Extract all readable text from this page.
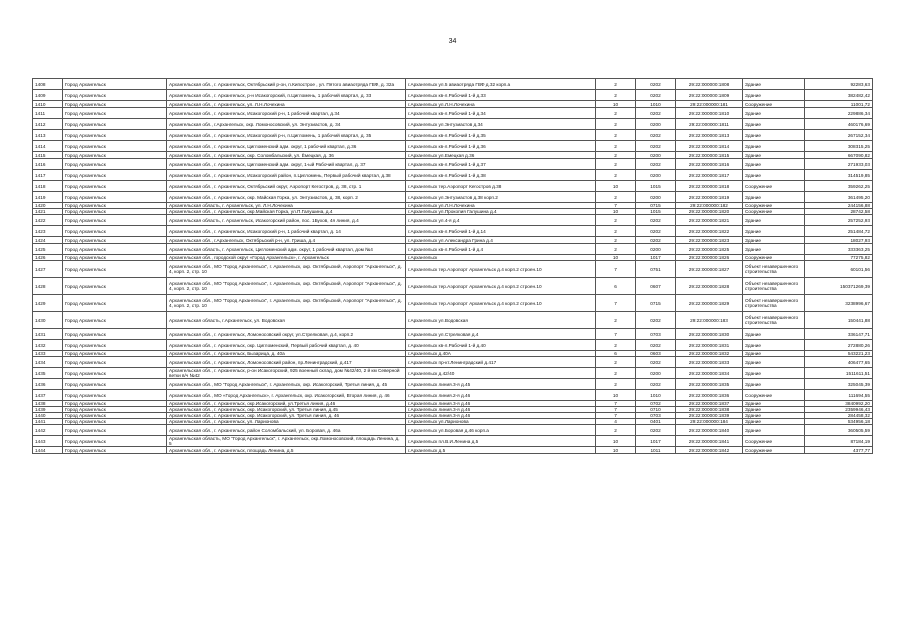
34
1408	Город Архангельск	Архангельская обл., г. Архангельск, Октябрьский р-он, п.Кипострое , ул. Пятого авиаотряда ГВФ, д. 32а	г.Архангельск ул.5 авиаотряда ГВФ д.32 корп.а	2	0202	29:22:000000:1808	Здание	92283,63
1409	Город Архангельск	Архангельская обл., г. Архангельск, р-н Исакогорский, п.Цигломень, 1 рабочий квартал, д. 33	г.Архангельск кв-л.Рабочий 1-й д.33	2	0202	29:22:000000:1809	Здание	382482,42
1410	Город Архангельск	Архангельская обл., г. Архангельск, ул. Л.Н.Лочехина	г.Архангельск ул.Л.Н.Лочехина	10	1010	29:22:000000:181	Сооружение	11001,72
1411	Город Архангельск	Архангельская обл., г. Архангельск, Исакогорский р-н, 1 рабочий квартал, д.34	г.Архангельск кв-л.Рабочий 1-й д.34	2	0202	29:22:000000:1810	Здание	229886,34
1412	Город Архангельск	Архангельская обл., г.Архангельск, окр. Ломоносовский, ул. Энтузиастов, д. 34	г.Архангельск ул.Энтузиастов д.34	2	0200	29:22:000000:1811	Здание	460176,69
1413	Город Архангельск	Архангельская обл., г. Архангельск, Исакогорский р-н, п.Цигломень, 1 рабочий квартал, д. 35	г.Архангельск кв-л.Рабочий 1-й д.35	2	0202	29:22:000000:1813	Здание	267152,34
1414	Город Архангельск	Архангельская обл., г. Архангельск, Цигломенский адм. округ, 1 рабочий квартал, д.36	г.Архангельск кв-л.Рабочий 1-й д.36	2	0202	29:22:000000:1814	Здание	308315,25
1415	Город Архангельск	Архангельская обл., г. Архангельск, окр. Соломбальский, ул. Ёмецкая, д. 36	г.Архангельск ул.Емецкая д.36	2	0200	29:22:000000:1815	Здание	667090,82
1416	Город Архангельск	Архангельская обл., г. Архангельск, Цигломенский адм. округ, 1-ый Рабочий квартал, д. 37	г.Архангельск кв-л.Рабочий 1-й д.37	2	0202	29:22:000000:1816	Здание	271933,03
1417	Город Архангельск	Архангельская обл., г. Архангельск, Исакогорский район, п.Цигломень, Первый рабочий квартал, д.38	г.Архангельск кв-л.Рабочий 1-й д.38	2	0200	29:22:000000:1817	Здание	314519,85
1418	Город Архангельск	Архангельская обл., г. Архангельск, Октябрьский округ, Аэропорт Кегостров, д. 38, стр. 1	г.Архангельск тер.Аэропорт Кегостров д.38	10	1015	29:22:000000:1818	Сооружение	359262,25
1419	Город Архангельск	Архангельская обл., г. Архангельск, окр. Майская Горка, ул. Энтузиастов, д. 38, корп. 2	г.Архангельск ул.Энтузиастов д.38 корп.2	2	0200	29:22:000000:1819	Здание	361495,20
1420	Город Архангельск	Архангельская область, г. Архангельск, ул. Л.Н.Лочехина	г.Архангельск ул.Л.Н.Лочехина	7	0715	29:22:000000:182	Сооружение	244156,88
1421	Город Архангельск	Архангельская обл., г. Архангельск, окр.Майская Горка, ул.П.Галушина, д.4	г.Архангельск ул.Прокопия Галушина д.4	10	1015	29:22:000000:1820	Сооружение	28742,58
1422	Город Архангельск	Архангельская область, г. Архангельск, Исакогорский район, пос. 1Бухов, 4я линия, д.4	г.Архангельск ул.4-я д.4	2	0202	29:22:000000:1821	Здание	257252,93
1423	Город Архангельск	Архангельская обл., г. Архангельск, Исакогорский р-н, 1 рабочий квартал, д. 14	г.Архангельск кв-л.Рабочий 1-й д.14	2	0202	29:22:000000:1822	Здание	251484,72
1424	Город Архангельск	Архангельская обл., г.Архангельск, Октябрьский р-н, ул. Гриша, д.4	г.Архангельск ул.Александра Грина д.4	2	0202	29:22:000000:1823	Здание	18027,93
1425	Город Архангельск	Архангельская область, г. Архангельск, Цигломенский адм. округ, 1 рабочий квартал, дом №4	г.Архангельск кв-л.Рабочий 1-й д.4	2	0200	29:22:000000:1825	Здание	333363,25
1426	Город Архангельск	Архангельская обл., городской округ «Город Архангельск», г. Архангельск	г.Архангельск	10	1017	29:22:000000:1826	Сооружение	77275,82
1427	Город Архангельск	Архангельская обл., МО "Город Архангельск", г. Архангельск, окр. Октябрьский, Аэропорт "Архангельск", д. 4, корп. 2, стр. 10	г.Архангельск тер.Аэропорт Архангельск д.4 корп.2 строен.10	7	0751	29:22:000000:1827	Объект незавершенного строительства	60101,56
1428	Город Архангельск	Архангельская обл., МО "Город Архангельск", г. Архангельск, окр. Октябрьский, Аэропорт "Архангельск", д. 4, корп. 2, стр. 10	г.Архангельск тер.Аэропорт Архангельск д.4 корп.2 строен.10	6	0607	29:22:000000:1828	Объект незавершенного строительства	150371269,39
1429	Город Архангельск	Архангельская обл., МО "Город Архангельск", г. Архангельск, окр. Октябрьский, Аэропорт "Архангельск", д. 4, корп. 2, стр. 10	г.Архангельск тер.Аэропорт Архангельск д.4 корп.2 строен.10	7	0715	29:22:000000:1829	Объект незавершенного строительства	3238996,67
1430	Город Архангельск	Архангельская область, г.Архангельск, ул. Водовская	г.Архангельск ул.Водовская	2	0202	29:22:000000:183	Объект незавершенного строительства	150441,88
1431	Город Архангельск	Архангельская обл., г. Архангельск, Ломоносовский округ, ул.Стрелковая, д.4, корп.2	г.Архангельск ул.Стрелковая д.4	7	0703	29:22:000000:1830	Здание	336147,71
1432	Город Архангельск	Архангельская обл., г. Архангельск, окр. Цигломенский, Первый рабочий квартал, д. 40	г.Архангельск кв-л.Рабочий 1-й д.40	2	0202	29:22:000000:1831	Здание	272880,26
1433	Город Архангельск	Архангельская обл., г. Архангельск, Бызарица, д. 40а	г.Архангельск д.40А	6	0603	29:22:000000:1832	Здание	543221,23
1434	Город Архангельск	Архангельская обл., г. Архангельск, Ломоносовский район, пр.Ленинградский, д.417	г.Архангельск пр-кт.Ленинградский д.417	2	0202	29:22:000000:1833	Здание	406477,65
1435	Город Архангельск	Архангельская обл., г. Архангельск, р-он Исакогорский, 925 военный склад, дом №42/40, 2 й км Северной ветки в/ч №42	г.Архангельск д.42/40	2	0200	29:22:000000:1834	Здание	1511611,51
1436	Город Архангельск	Архангельская обл., МО "Город Архангельск", г. Архангельск, окр. Исакогорский, Третья линия, д. 45	г.Архангельск линия.3-я д.45	2	0202	29:22:000000:1835	Здание	325045,39
1437	Город Архангельск	Архангельская обл., МО «Город Архангельск», г. Архангельск, окр. Исакогорский, Вторая линия, д. 46	г.Архангельск линия.2-я д.46	10	1010	29:22:000000:1836	Сооружение	111694,55
1438	Город Архангельск	Архангельская обл., г. Архангельск, окр.Исакогорский, ул.Третья линия, д.46	г.Архангельск линия.3-я д.46	7	0702	29:22:000000:1837	Здание	3840992,20
1439	Город Архангельск	Архангельская обл., г. Архангельск, окр. Исакогорский, ул. Третья линия, д.45	г.Архангельск линия.3-я д.46	7	0710	29:22:000000:1838	Здание	2359946,43
1440	Город Архангельск	Архангельская обл., г. Архангельск, окр. Исакогорский, ул. Третья линия, д. 46	г.Архангельск линия.3-я д.46	7	0703	29:22:000000:1839	Здание	284458,32
1441	Город Архангельск	Архангельская обл., г. Архангельск, ул. Ларионова	г.Архангельск ул.Ларионова	4	0401	29:22:000000:184	Здание	534956,18
1442	Город Архангельск	Архангельская обл., г. Архангельск, район Соломбальский, ул. Боровая, д. 46а	г.Архангельск ул.Боровая д.46 корп.а	2	0202	29:22:000000:1840	Здание	360505,59
1443	Город Архангельск	Архангельская область, МО "Город Архангельск", г. Архангельск, окр.Ломоносовский, площадь Ленина, д. 5	г.Архангельск пл.В.И.Ленина д.5	10	1017	29:22:000000:1841	Сооружение	87184,19
1444	Город Архангельск	Архангельская обл., г. Архангельск, площадь Ленина, д.5	г.Архангельск д.5	10	1011	29:22:000000:1842	Сооружение	4377,77
